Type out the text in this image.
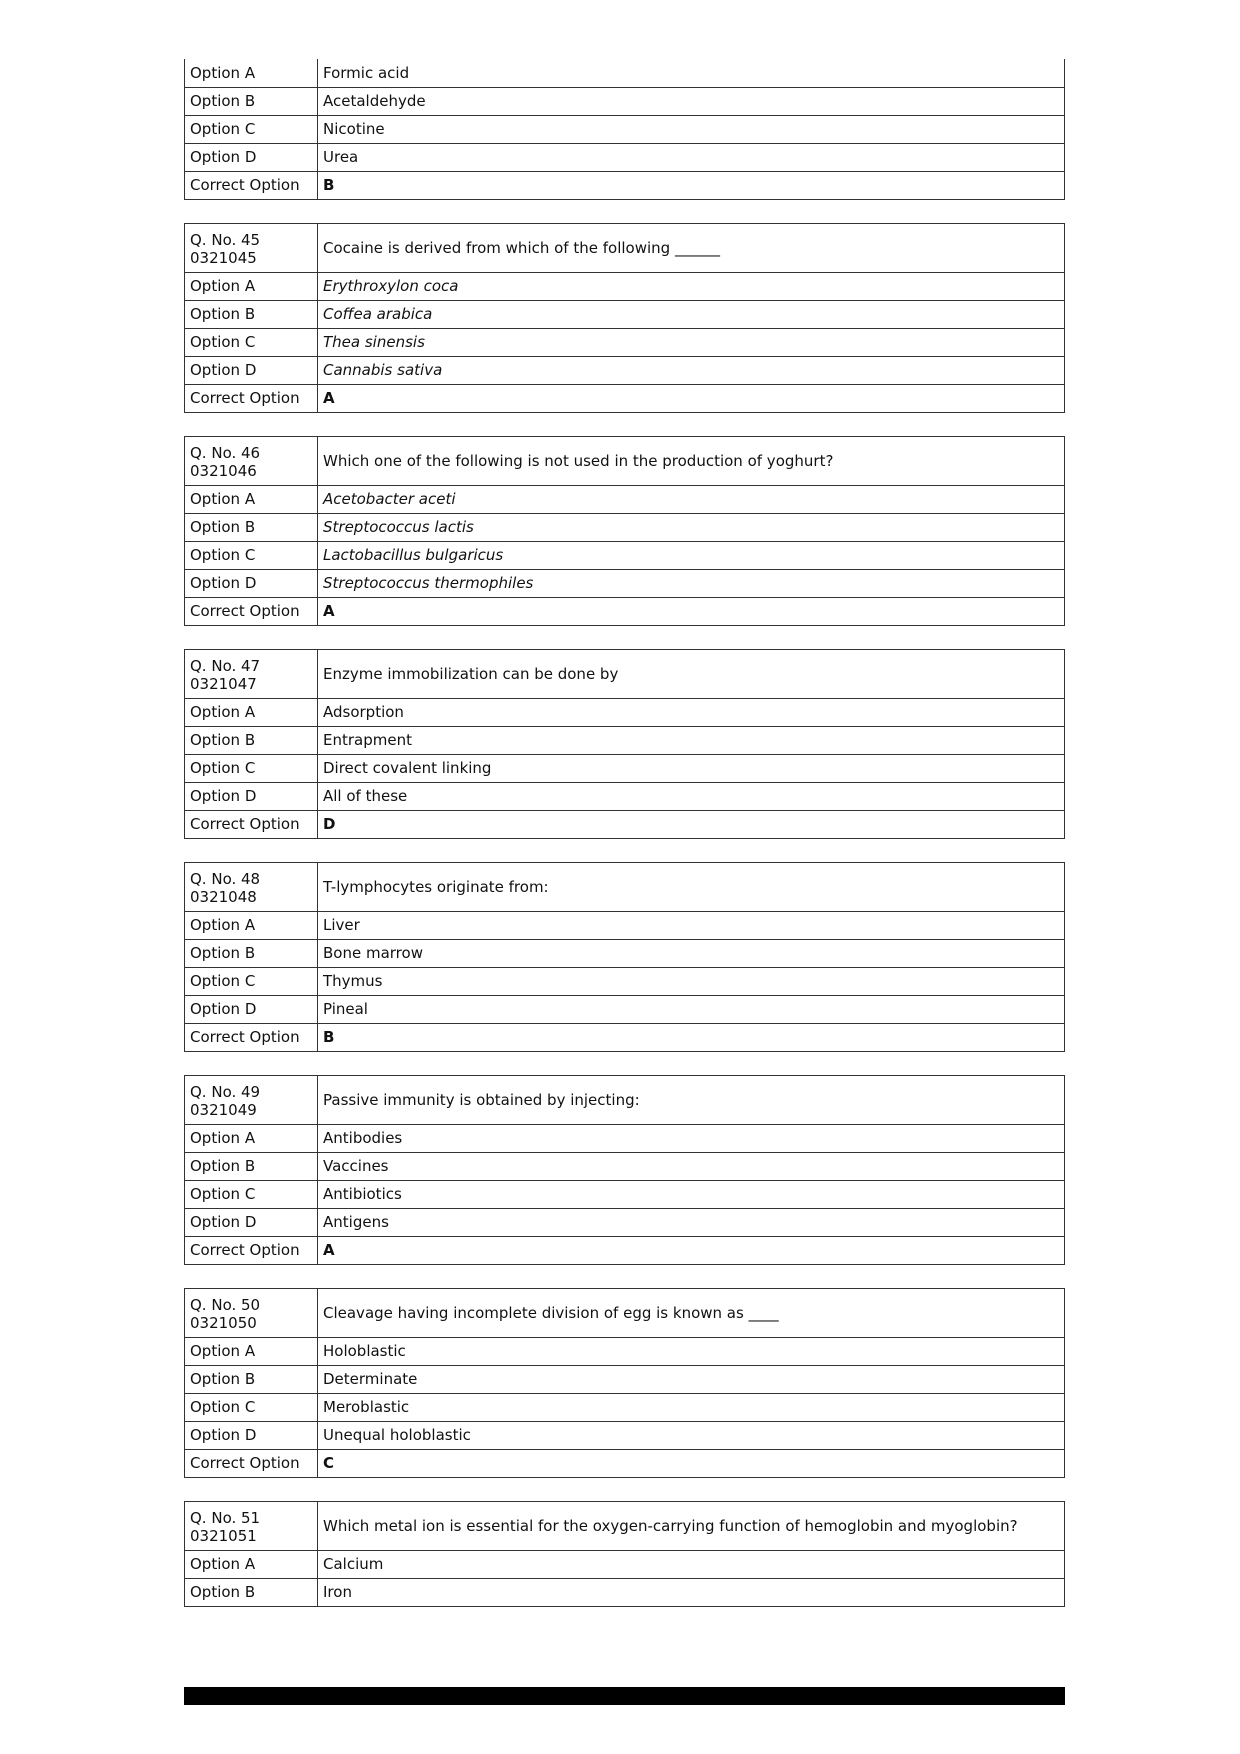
Option A	Formic acid
Option B	Acetaldehyde
Option C	Nicotine
Option D	Urea
Correct Option	B
Q. No. 45
0321045	Cocaine is derived from which of the following ______
Option A	Erythroxylon coca
Option B	Coffea arabica
Option C	Thea sinensis
Option D	Cannabis sativa
Correct Option	A
Q. No. 46
0321046	Which one of the following is not used in the production of yoghurt?
Option A	Acetobacter aceti
Option B	Streptococcus lactis
Option C	Lactobacillus bulgaricus
Option D	Streptococcus thermophiles
Correct Option	A
Q. No. 47
0321047	Enzyme immobilization can be done by
Option A	Adsorption
Option B	Entrapment
Option C	Direct covalent linking
Option D	All of these
Correct Option	D
Q. No. 48
0321048	T-lymphocytes originate from:
Option A	Liver
Option B	Bone marrow
Option C	Thymus
Option D	Pineal
Correct Option	B
Q. No. 49
0321049	Passive immunity is obtained by injecting:
Option A	Antibodies
Option B	Vaccines
Option C	Antibiotics
Option D	Antigens
Correct Option	A
Q. No. 50
0321050	Cleavage having incomplete division of egg is known as ____
Option A	Holoblastic
Option B	Determinate
Option C	Meroblastic
Option D	Unequal holoblastic
Correct Option	C
Q. No. 51
0321051	Which metal ion is essential for the oxygen-carrying function of hemoglobin and myoglobin?
Option A	Calcium
Option B	Iron
